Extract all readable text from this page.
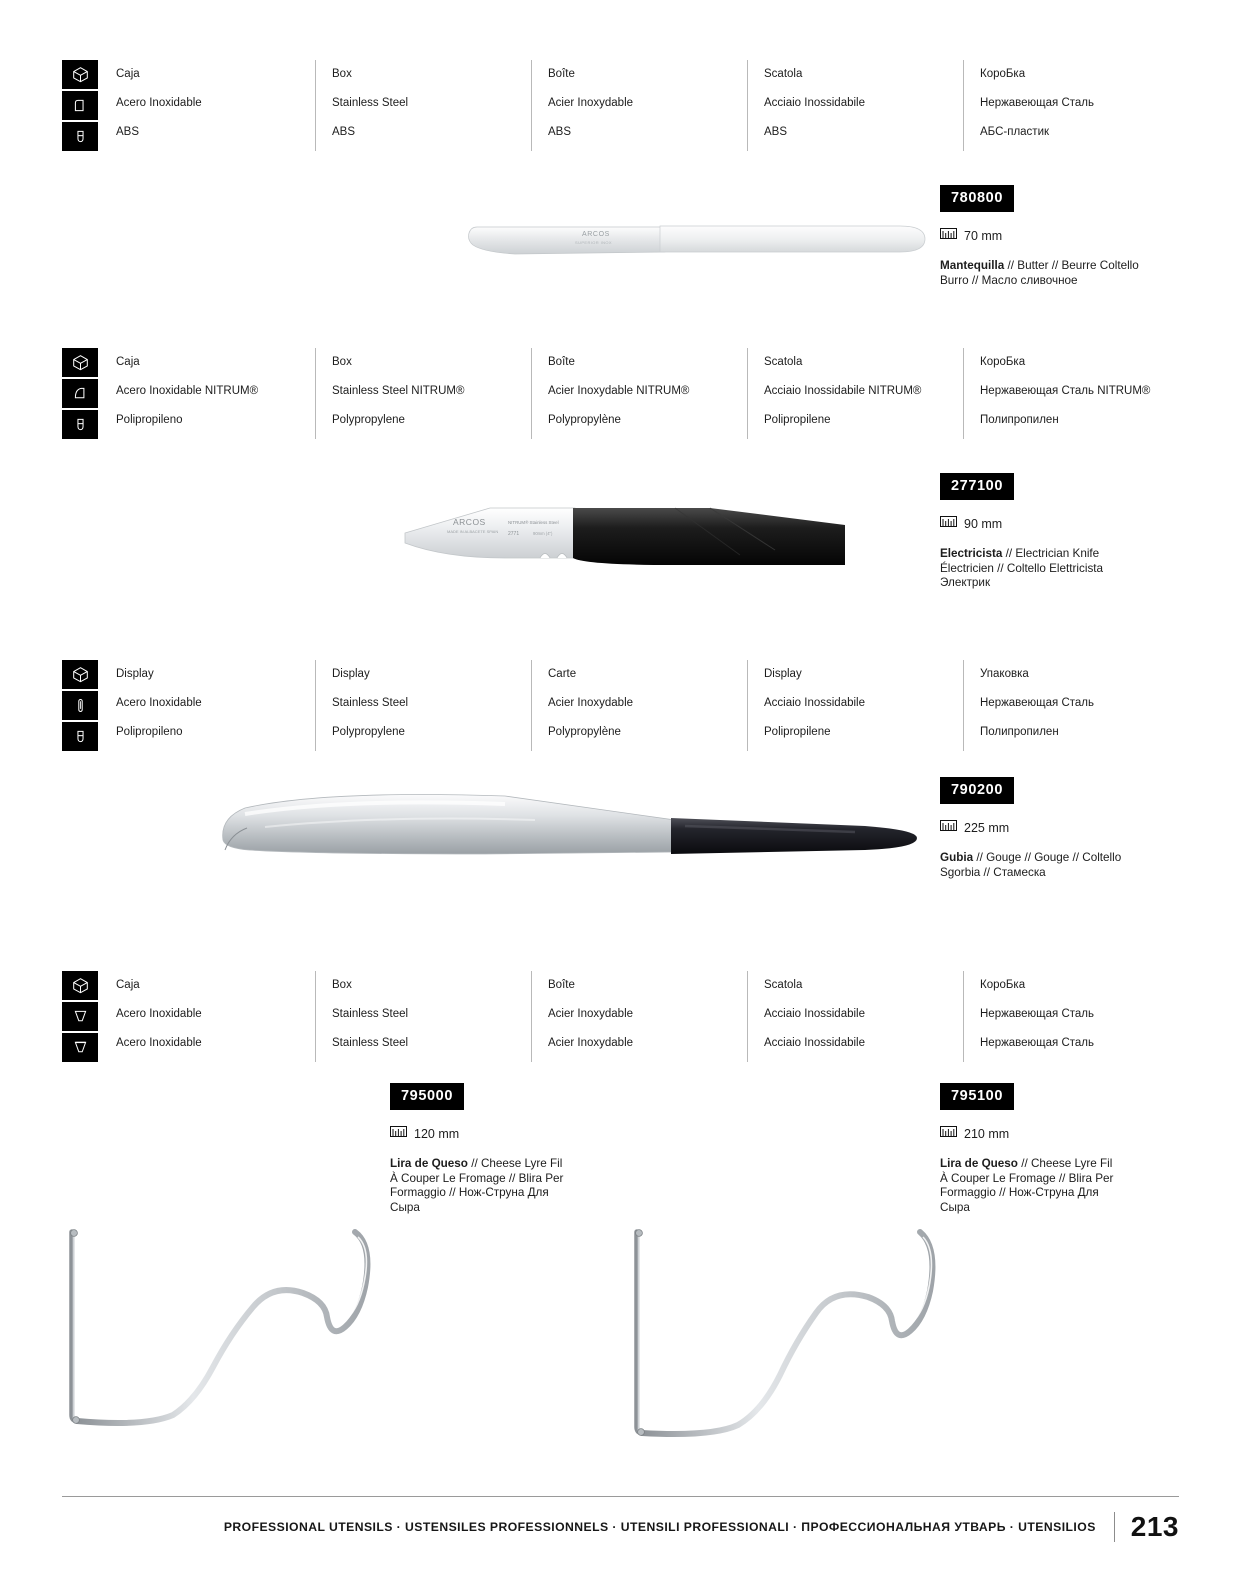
Caja
Acero Inoxidable
ABS
Box
Stainless Steel
ABS
Boîte
Acier Inoxydable
ABS
Scatola
Acciaio Inossidabile
ABS
КороБка
Нержавеющая Сталь
АБС-пластик
ARCOS
SUPERIOR INOX
780800
70 mm
Mantequilla // Butter // Beurre Coltello Burro // Масло сливочное
Caja
Acero Inoxidable NITRUM®
Polipropileno
Box
Stainless Steel NITRUM®
Polypropylene
Boîte
Acier Inoxydable NITRUM®
Polypropylène
Scatola
Acciaio Inossidabile NITRUM®
Polipropilene
КороБка
Нержавеющая Сталь NITRUM®
Полипропилен
ARCOS
MADE IN ALBACETE SPAIN
NITRUM® Stainless Steel
2771	90mm (4")
277100
90 mm
Electricista // Electrician Knife Électricien // Coltello Elettricista Электрик
Display
Acero Inoxidable
Polipropileno
Display
Stainless Steel
Polypropylene
Carte
Acier Inoxydable
Polypropylène
Display
Acciaio Inossidabile
Polipropilene
Упаковка
Нержавеющая Сталь
Полипропилен
790200
225 mm
Gubia // Gouge // Gouge // Coltello Sgorbia // Стамеска
Caja
Acero Inoxidable
Acero Inoxidable
Box
Stainless Steel
Stainless Steel
Boîte
Acier Inoxydable
Acier Inoxydable
Scatola
Acciaio Inossidabile
Acciaio Inossidabile
КороБка
Нержавеющая Сталь
Нержавеющая Сталь
795000
120 mm
Lira de Queso // Cheese Lyre Fil À Couper Le Fromage // Blira Per Formaggio // Нож-Струна Для Сыра
795100
210 mm
Lira de Queso // Cheese Lyre Fil À Couper Le Fromage // Blira Per Formaggio // Нож-Струна Для Сыра
PROFESSIONAL UTENSILS · USTENSILES PROFESSIONNELS · UTENSILI PROFESSIONALI · ПРОФЕССИОНАЛЬНАЯ УТВАРЬ · UTENSILIOS 213
